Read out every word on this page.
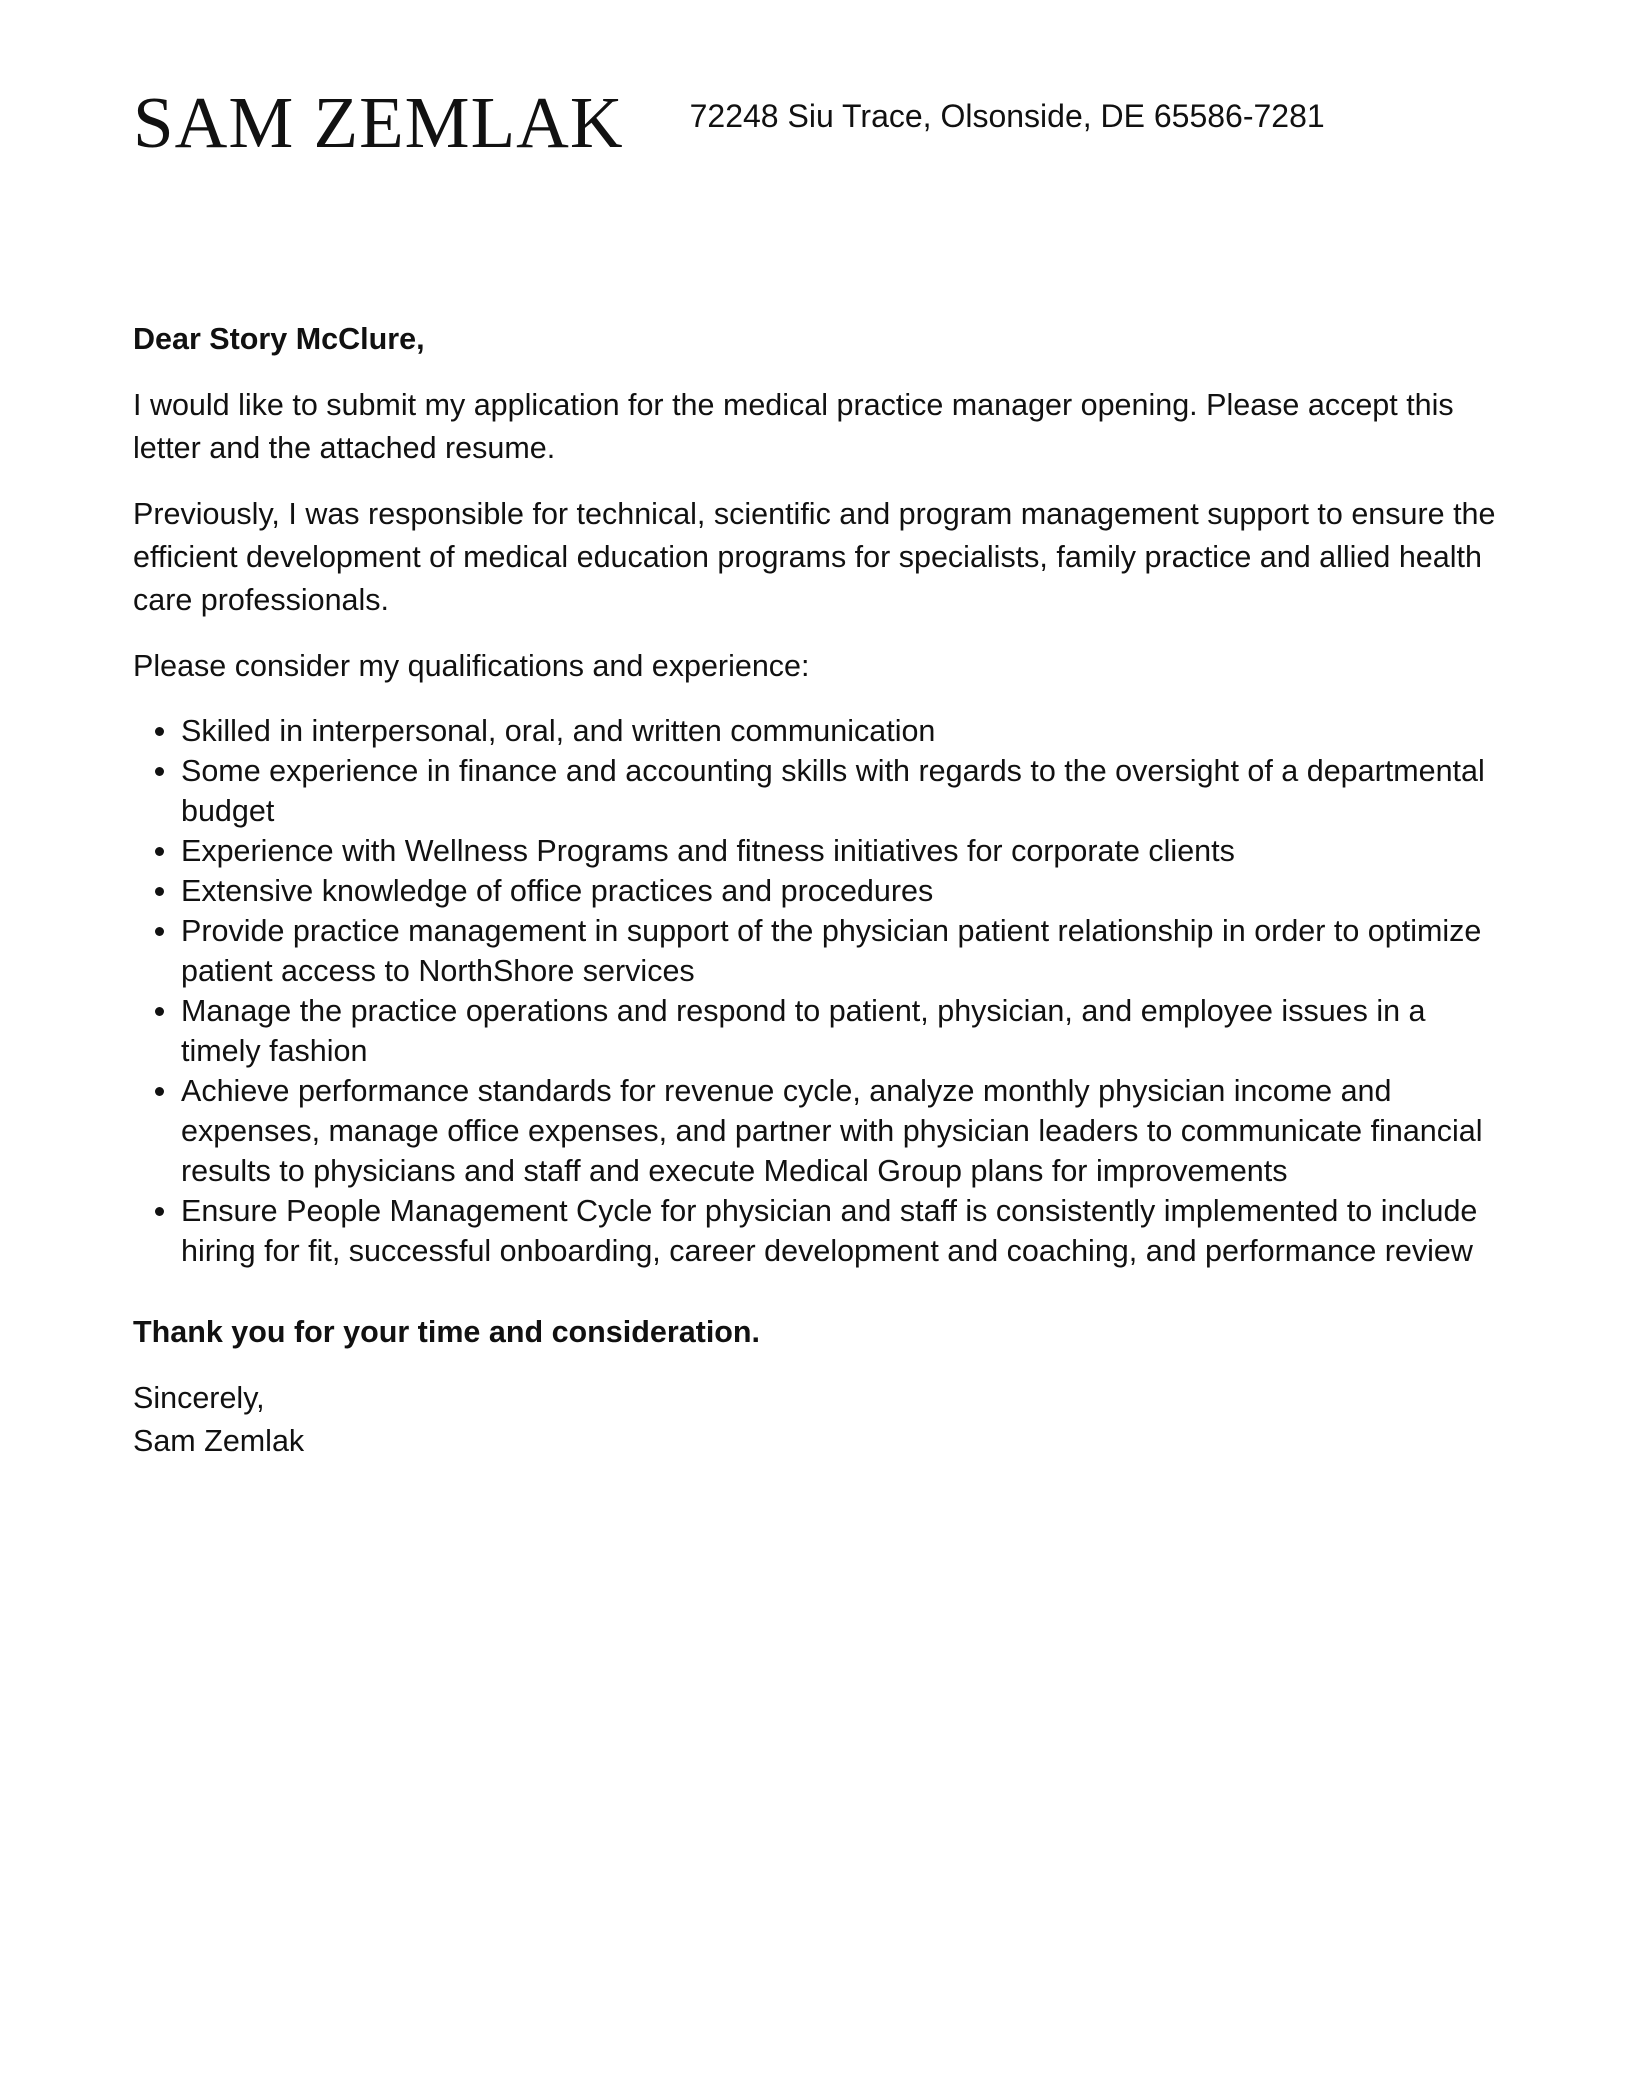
SAM ZEMLAK 72248 Siu Trace, Olsonside, DE 65586-7281

Dear Story McClure,

I would like to submit my application for the medical practice manager opening. Please accept this letter and the attached resume.

Previously, I was responsible for technical, scientific and program management support to ensure the efficient development of medical education programs for specialists, family practice and allied health care professionals.

Please consider my qualifications and experience:

Skilled in interpersonal, oral, and written communication
Some experience in finance and accounting skills with regards to the oversight of a departmental budget
Experience with Wellness Programs and fitness initiatives for corporate clients
Extensive knowledge of office practices and procedures
Provide practice management in support of the physician patient relationship in order to optimize patient access to NorthShore services
Manage the practice operations and respond to patient, physician, and employee issues in a timely fashion
Achieve performance standards for revenue cycle, analyze monthly physician income and expenses, manage office expenses, and partner with physician leaders to communicate financial results to physicians and staff and execute Medical Group plans for improvements
Ensure People Management Cycle for physician and staff is consistently implemented to include hiring for fit, successful onboarding, career development and coaching, and performance review

Thank you for your time and consideration.

Sincerely,
Sam Zemlak
